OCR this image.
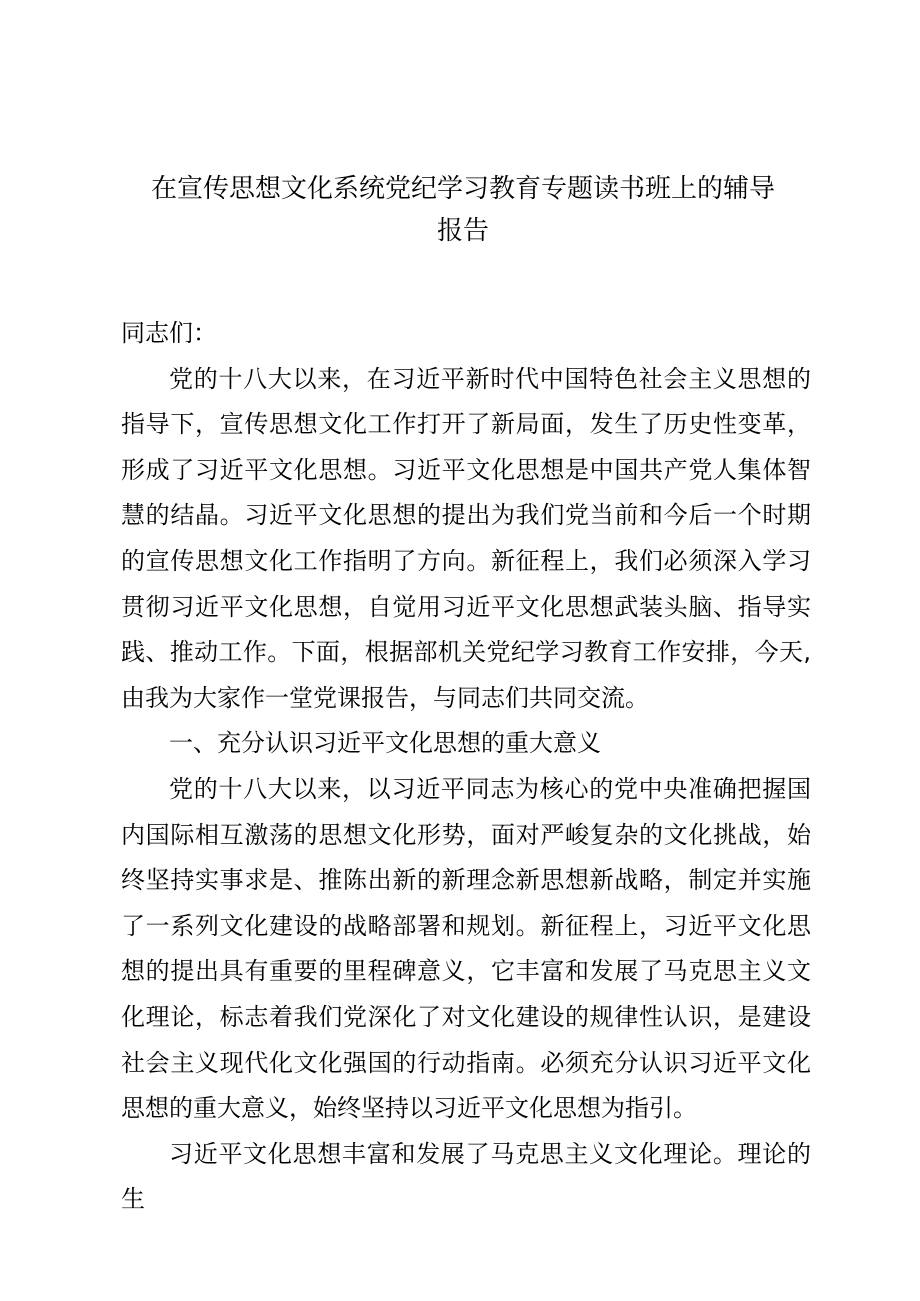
在宣传思想文化系统党纪学习教育专题读书班上的辅导
报告

同志们：

党的十八大以来，在习近平新时代中国特色社会主义思想的指导下，宣传思想文化工作打开了新局面，发生了历史性变革，形成了习近平文化思想。习近平文化思想是中国共产党人集体智慧的结晶。习近平文化思想的提出为我们党当前和今后一个时期的宣传思想文化工作指明了方向。新征程上，我们必须深入学习贯彻习近平文化思想，自觉用习近平文化思想武装头脑、指导实践、推动工作。下面，根据部机关党纪学习教育工作安排，今天,由我为大家作一堂党课报告，与同志们共同交流。

一、充分认识习近平文化思想的重大意义

党的十八大以来，以习近平同志为核心的党中央准确把握国内国际相互激荡的思想文化形势，面对严峻复杂的文化挑战，始终坚持实事求是、推陈出新的新理念新思想新战略，制定并实施了一系列文化建设的战略部署和规划。新征程上，习近平文化思想的提出具有重要的里程碑意义，它丰富和发展了马克思主义文化理论，标志着我们党深化了对文化建设的规律性认识，是建设社会主义现代化文化强国的行动指南。必须充分认识习近平文化思想的重大意义，始终坚持以习近平文化思想为指引。

习近平文化思想丰富和发展了马克思主义文化理论。理论的生
